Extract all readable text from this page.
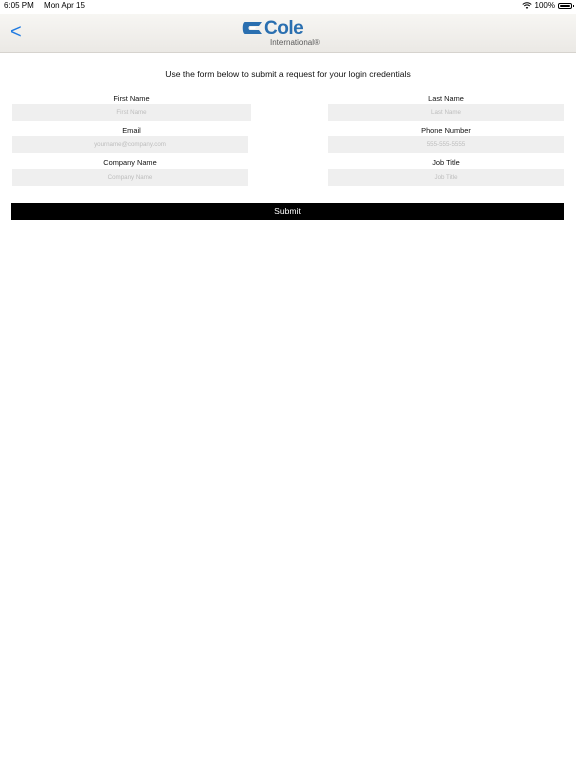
6:05 PM Mon Apr 15	100%
<	Cole
International®
Use the form below to submit a request for your login credentials
First Name
First Name
Email
yourname@company.com
Company Name
Company Name
Last Name
Last Name
Phone Number
555-555-5555
Job Title
Job Title
Submit
